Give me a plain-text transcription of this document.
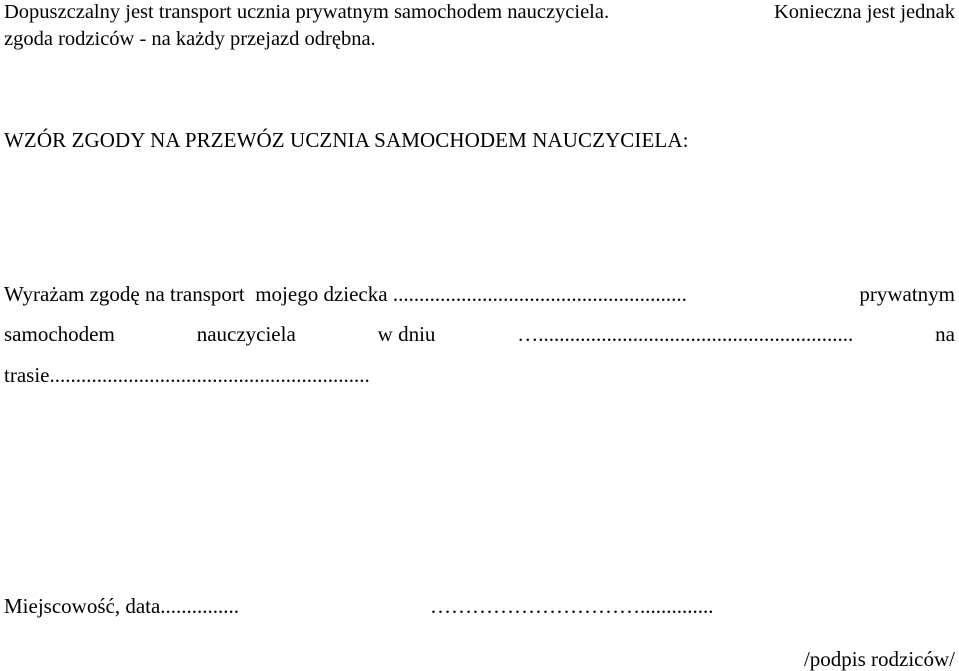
Dopuszczalny jest transport ucznia prywatnym samochodem nauczyciela.	Konieczna jest jednak
zgoda rodziców - na każdy przejazd odrębna.
WZÓR ZGODY NA PRZEWÓZ UCZNIA SAMOCHODEM NAUCZYCIELA:
Wyrażam zgodę na transport  mojego dziecka ........................................................	prywatnym
samochodem	nauczyciela	w dniu	…............................................................	na
trasie.............................................................
Miejscowość, data...............	…………………………..............
/podpis rodziców/
